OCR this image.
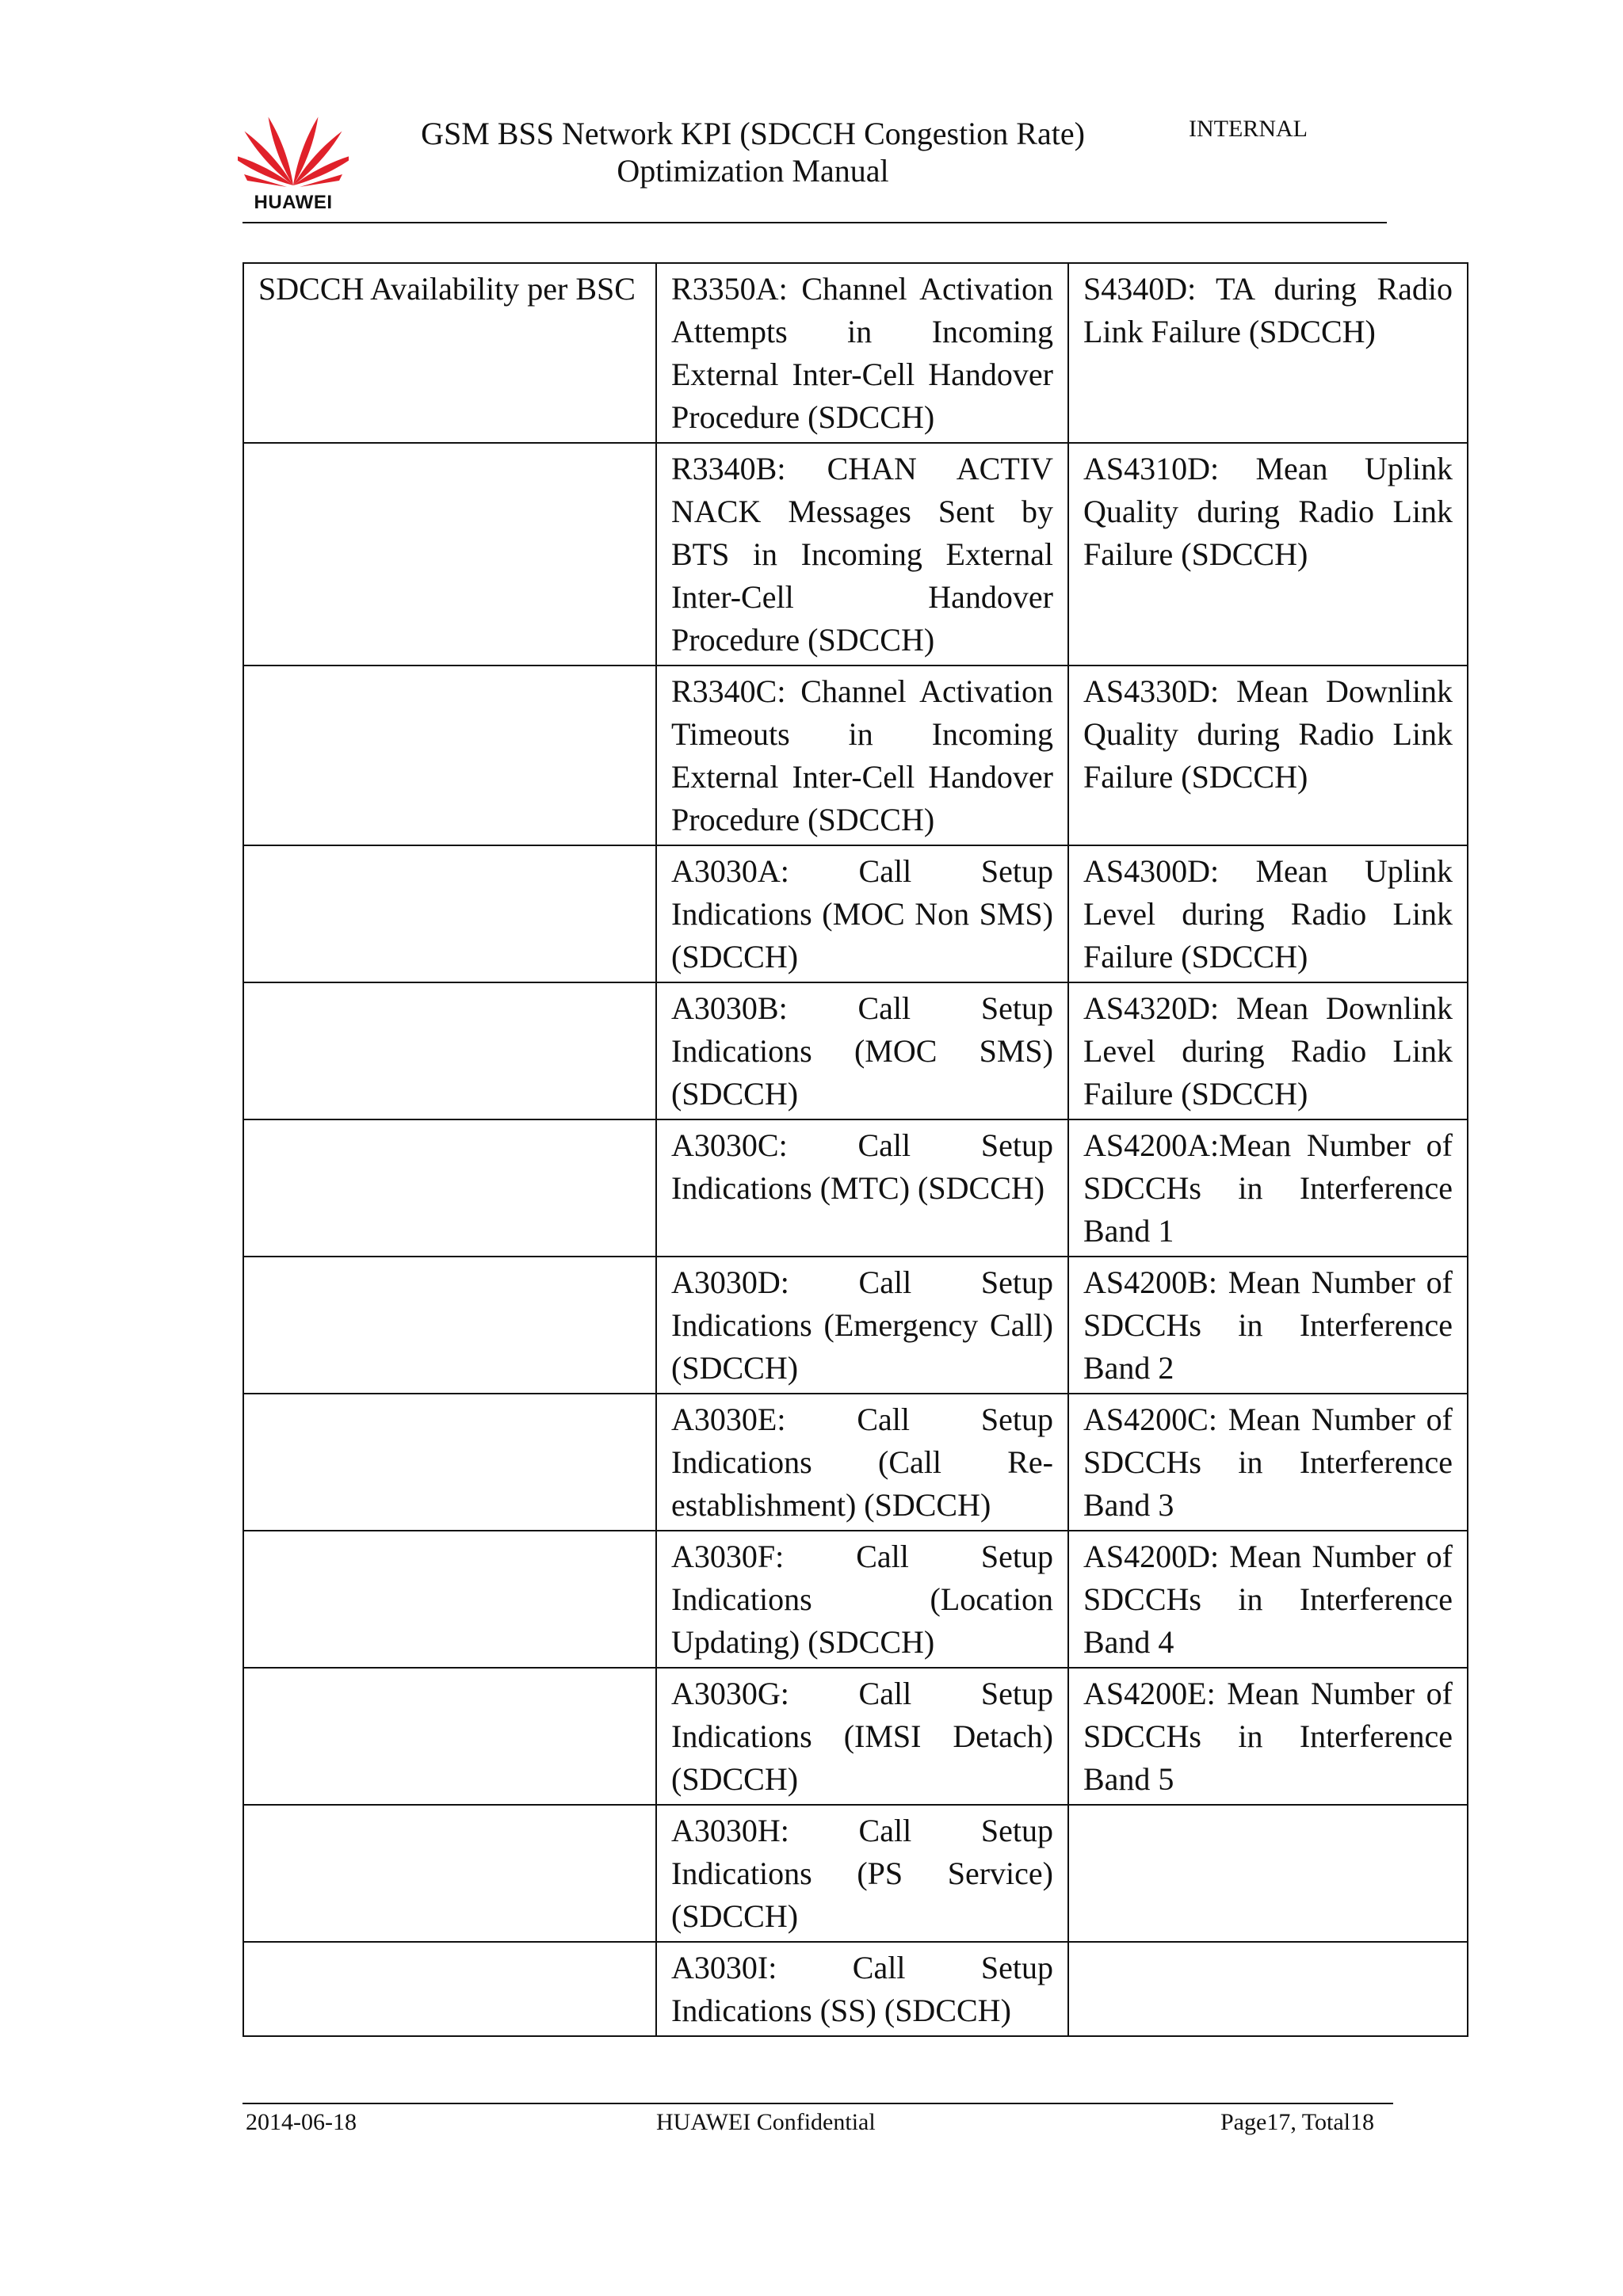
HUAWEI
GSM BSS Network KPI (SDCCH Congestion Rate)
Optimization Manual
INTERNAL
SDCCH Availability per BSC	R3350A: Channel Activation Attempts in Incoming External Inter-Cell Handover Procedure (SDCCH)	S4340D: TA during Radio Link Failure (SDCCH)
	R3340B: CHAN ACTIV NACK Messages Sent by BTS in Incoming External Inter-Cell Handover Procedure (SDCCH)	AS4310D: Mean Uplink Quality during Radio Link Failure (SDCCH)
	R3340C: Channel Activation Timeouts in Incoming External Inter-Cell Handover Procedure (SDCCH)	AS4330D: Mean Downlink Quality during Radio Link Failure (SDCCH)
	A3030A: Call Setup Indications (MOC Non SMS) (SDCCH)	AS4300D: Mean Uplink Level during Radio Link Failure (SDCCH)
	A3030B: Call Setup Indications (MOC SMS) (SDCCH)	AS4320D: Mean Downlink Level during Radio Link Failure (SDCCH)
	A3030C: Call Setup Indications (MTC) (SDCCH)	AS4200A:Mean Number of SDCCHs in Interference Band 1
	A3030D: Call Setup Indications (Emergency Call) (SDCCH)	AS4200B: Mean Number of SDCCHs in Interference Band 2
	A3030E: Call Setup Indications (Call Re-establishment) (SDCCH)	AS4200C: Mean Number of SDCCHs in Interference Band 3
	A3030F: Call Setup Indications (Location Updating) (SDCCH)	AS4200D: Mean Number of SDCCHs in Interference Band 4
	A3030G: Call Setup Indications (IMSI Detach) (SDCCH)	AS4200E: Mean Number of SDCCHs in Interference Band 5
	A3030H: Call Setup Indications (PS Service) (SDCCH)	
	A3030I: Call Setup Indications (SS) (SDCCH)	
2014-06-18	HUAWEI Confidential	Page17, Total18
